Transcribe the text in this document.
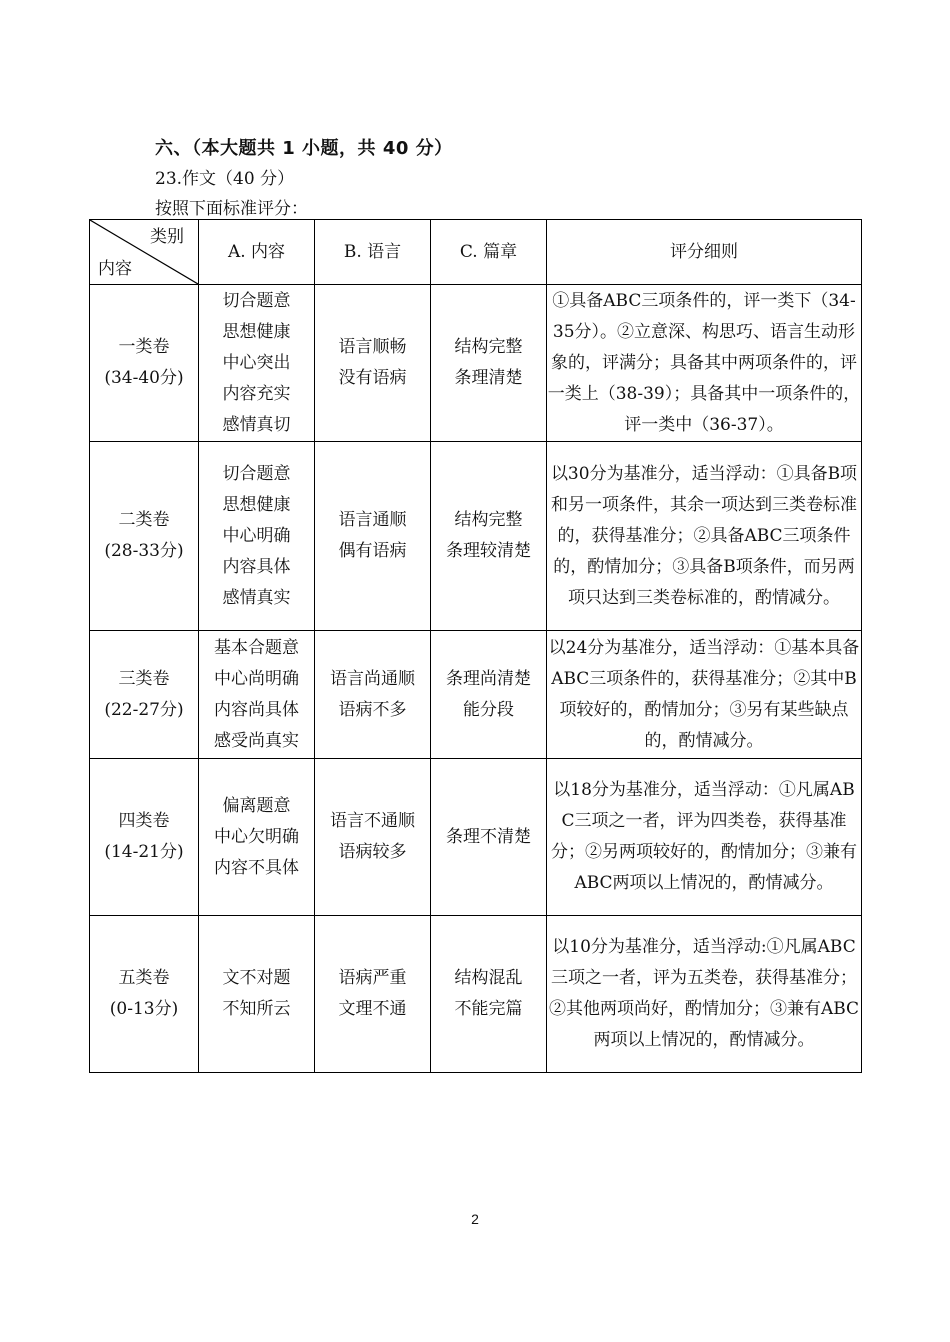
六、（本大题共 1 小题，共 40 分）
23.作文（40 分）
按照下面标准评分：
类别
内容	A. 内容	B. 语言	C. 篇章	评分细则

一类卷
(34-40分)	切合题意
思想健康
中心突出
内容充实
感情真切	语言顺畅
没有语病	结构完整
条理清楚	①具备ABC三项条件的，评一类下（34-35分）。②立意深、构思巧、语言生动形象的，评满分；具备其中两项条件的，评一类上（38-39）；具备其中一项条件的，评一类中（36-37）。

二类卷
(28-33分)	切合题意
思想健康
中心明确
内容具体
感情真实	语言通顺
偶有语病	结构完整
条理较清楚	以30分为基准分，适当浮动：①具备B项和另一项条件，其余一项达到三类卷标准的，获得基准分；②具备ABC三项条件的，酌情加分；③具备B项条件，而另两项只达到三类卷标准的，酌情减分。

三类卷
(22-27分)	基本合题意
中心尚明确
内容尚具体
感受尚真实	语言尚通顺
语病不多	条理尚清楚
能分段	以24分为基准分，适当浮动：①基本具备ABC三项条件的，获得基准分；②其中B项较好的，酌情加分；③另有某些缺点的，酌情减分。

四类卷
(14-21分)	偏离题意
中心欠明确
内容不具体	语言不通顺
语病较多	条理不清楚	以18分为基准分，适当浮动：①凡属ABC三项之一者，评为四类卷，获得基准分；②另两项较好的，酌情加分；③兼有ABC两项以上情况的，酌情减分。

五类卷
(0-13分)	文不对题
不知所云	语病严重
文理不通	结构混乱
不能完篇	以10分为基准分，适当浮动:①凡属ABC三项之一者，评为五类卷，获得基准分；②其他两项尚好，酌情加分；③兼有ABC两项以上情况的，酌情减分。
2
